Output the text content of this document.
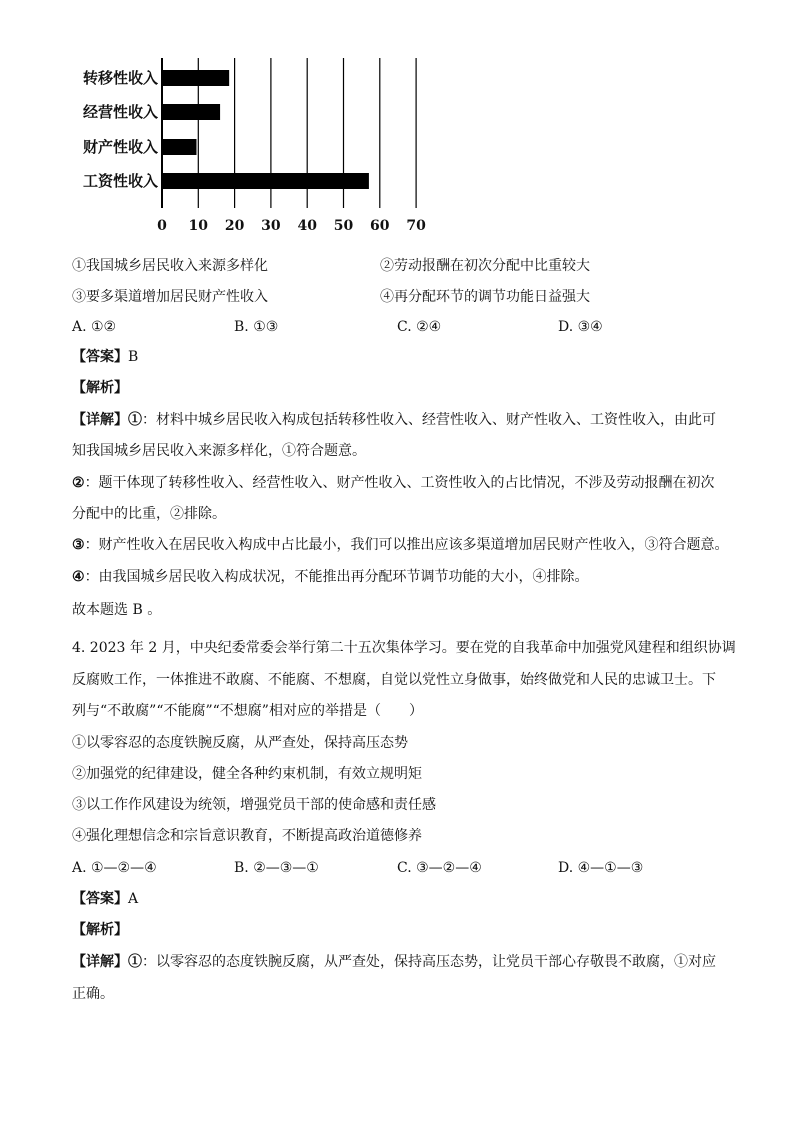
0 10 20 30 40 50 60 70
转移性收入
经营性收入
财产性收入
工资性收入
①我国城乡居民收入来源多样化	②劳动报酬在初次分配中比重较大
③要多渠道增加居民财产性收入	④再分配环节的调节功能日益强大
A. ①②	B. ①③	C. ②④	D. ③④
【答案】B
【解析】
【详解】①：材料中城乡居民收入构成包括转移性收入、经营性收入、财产性收入、工资性收入，由此可
知我国城乡居民收入来源多样化，①符合题意。
②：题干体现了转移性收入、经营性收入、财产性收入、工资性收入的占比情况，不涉及劳动报酬在初次
分配中的比重，②排除。
③：财产性收入在居民收入构成中占比最小，我们可以推出应该多渠道增加居民财产性收入，③符合题意。
④：由我国城乡居民收入构成状况，不能推出再分配环节调节功能的大小，④排除。
故本题选 B 。
4. 2023 年 2 月，中央纪委常委会举行第二十五次集体学习。要在党的自我革命中加强党风建程和组织协调
反腐败工作，一体推进不敢腐、不能腐、不想腐，自觉以党性立身做事，始终做党和人民的忠诚卫士。下
列与“不敢腐”“不能腐”“不想腐”相对应的举措是（　　）
①以零容忍的态度铁腕反腐，从严查处，保持高压态势
②加强党的纪律建设，健全各种约束机制，有效立规明矩
③以工作作风建设为统领，增强党员干部的使命感和责任感
④强化理想信念和宗旨意识教育，不断提高政治道德修养
A. ①—②—④	B. ②—③—①	C. ③—②—④	D. ④—①—③
【答案】A
【解析】
【详解】①：以零容忍的态度铁腕反腐，从严查处，保持高压态势，让党员干部心存敬畏不敢腐，①对应
正确。
